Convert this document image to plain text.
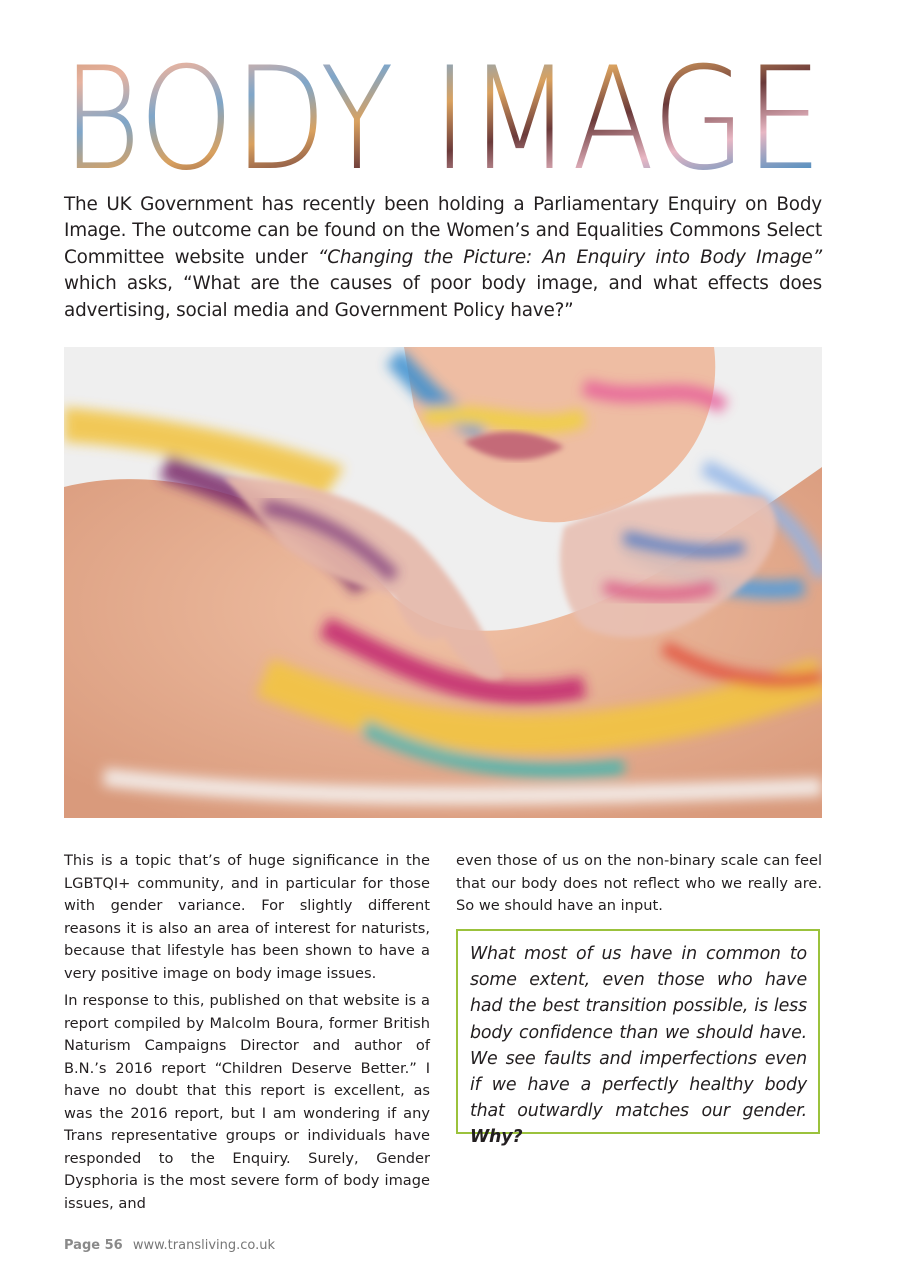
BODY IMAGE

The UK Government has recently been holding a Parliamentary Enquiry on Body Image. The outcome can be found on the Women’s and Equalities Commons Select Committee website under “Changing the Picture: An Enquiry into Body Image” which asks, “What are the causes of poor body image, and what effects does advertising, social media and Government Policy have?”

This is a topic that’s of huge significance in the LGBTQI+ community, and in particular for those with gender variance. For slightly different reasons it is also an area of interest for naturists, because that lifestyle has been shown to have a very positive image on body image issues.

In response to this, published on that website is a report compiled by Malcolm Boura, former British Naturism Campaigns Director and author of B.N.’s 2016 report “Children Deserve Better.” I have no doubt that this report is excellent, as was the 2016 report, but I am wondering if any Trans representative groups or individuals have responded to the Enquiry. Surely, Gender Dysphoria is the most severe form of body image issues, and

even those of us on the non-binary scale can feel that our body does not reflect who we really are. So we should have an input.

What most of us have in common to some extent, even those who have had the best transition possible, is less body confidence than we should have. We see faults and imperfections even if we have a perfectly healthy body that outwardly matches our gender. Why?
Page 56 www.transliving.co.uk
